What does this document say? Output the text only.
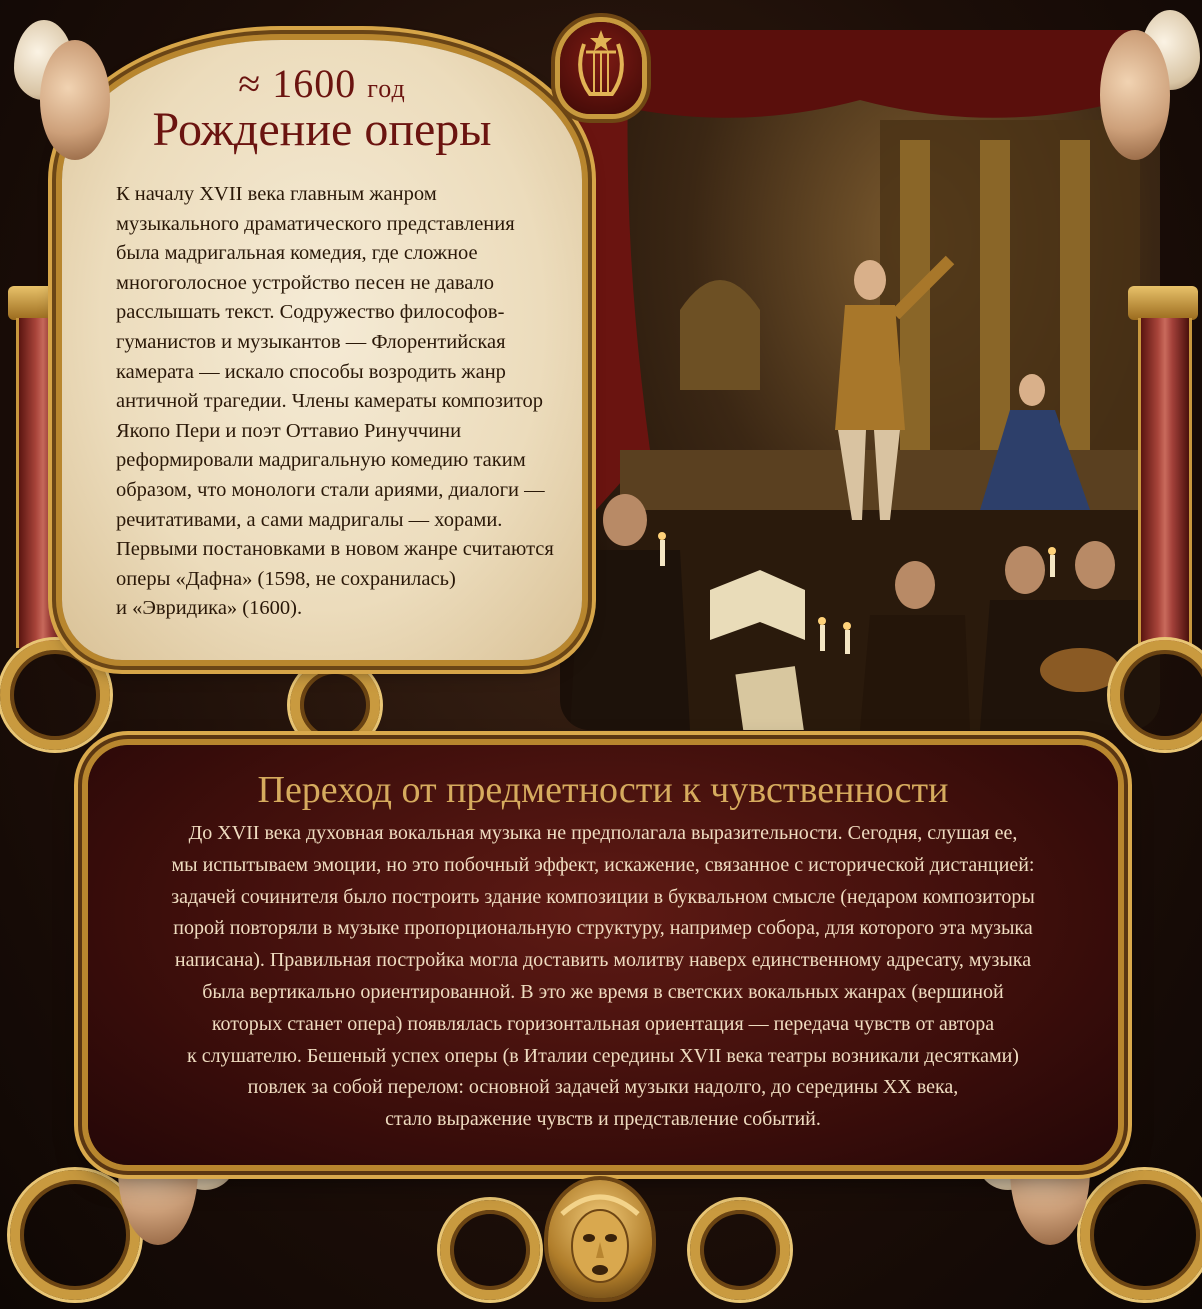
≈ 1600 год
Рождение оперы

К началу XVII века главным жанром

музыкального драматического представления

была мадригальная комедия, где сложное

многоголосное устройство песен не давало

расслышать текст. Содружество философов-

гуманистов и музыкантов — Флорентийская

камерата — искало способы возродить жанр

античной трагедии. Члены камераты композитор

Якопо Пери и поэт Оттавио Ринуччини

реформировали мадригальную комедию таким

образом, что монологи стали ариями, диалоги —

речитативами, а сами мадригалы — хорами.

Первыми постановками в новом жанре считаются

оперы «Дафна» (1598, не сохранилась)

и «Эвридика» (1600).

Переход от предметности к чувственности

До XVII века духовная вокальная музыка не предполагала выразительности. Сегодня, слушая ее,

мы испытываем эмоции, но это побочный эффект, искажение, связанное с исторической дистанцией:

задачей сочинителя было построить здание композиции в буквальном смысле (недаром композиторы

порой повторяли в музыке пропорциональную структуру, например собора, для которого эта музыка

написана). Правильная постройка могла доставить молитву наверх единственному адресату, музыка

была вертикально ориентированной. В это же время в светских вокальных жанрах (вершиной

которых станет опера) появлялась горизонтальная ориентация — передача чувств от автора

к слушателю. Бешеный успех оперы (в Италии середины XVII века театры возникали десятками)

повлек за собой перелом: основной задачей музыки надолго, до середины XX века,

стало выражение чувств и представление событий.
